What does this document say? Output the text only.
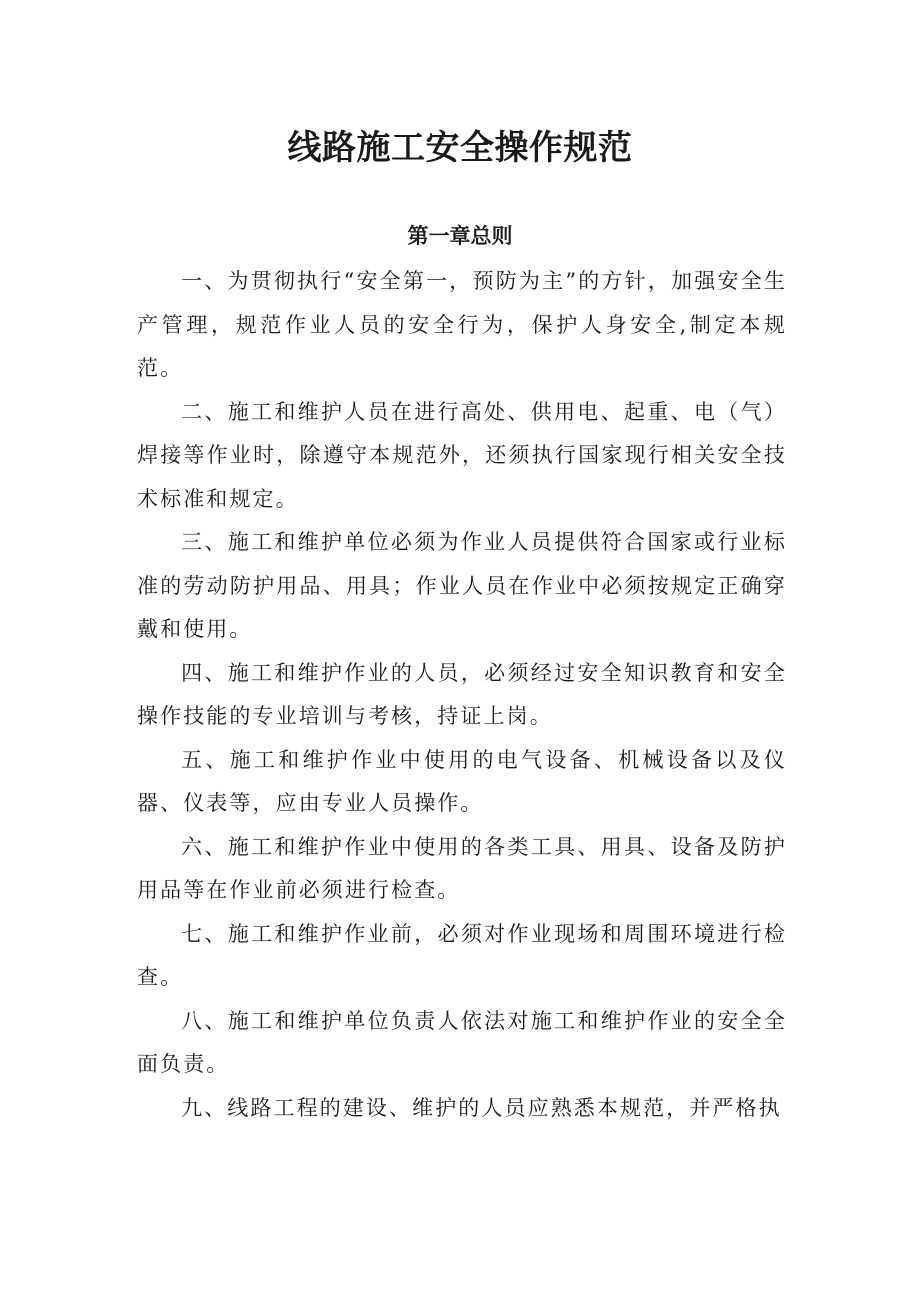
线路施工安全操作规范
第一章总则

一、为贯彻执行“安全第一，预防为主”的方针，加强安全生产管理，规范作业人员的安全行为，保护人身安全,制定本规范。

二、施工和维护人员在进行高处、供用电、起重、电（气）焊接等作业时，除遵守本规范外，还须执行国家现行相关安全技术标准和规定。

三、施工和维护单位必须为作业人员提供符合国家或行业标准的劳动防护用品、用具；作业人员在作业中必须按规定正确穿戴和使用。

四、施工和维护作业的人员，必须经过安全知识教育和安全操作技能的专业培训与考核，持证上岗。

五、施工和维护作业中使用的电气设备、机械设备以及仪器、仪表等，应由专业人员操作。

六、施工和维护作业中使用的各类工具、用具、设备及防护用品等在作业前必须进行检查。

七、施工和维护作业前，必须对作业现场和周围环境进行检查。

八、施工和维护单位负责人依法对施工和维护作业的安全全面负责。

九、线路工程的建设、维护的人员应熟悉本规范，并严格执
